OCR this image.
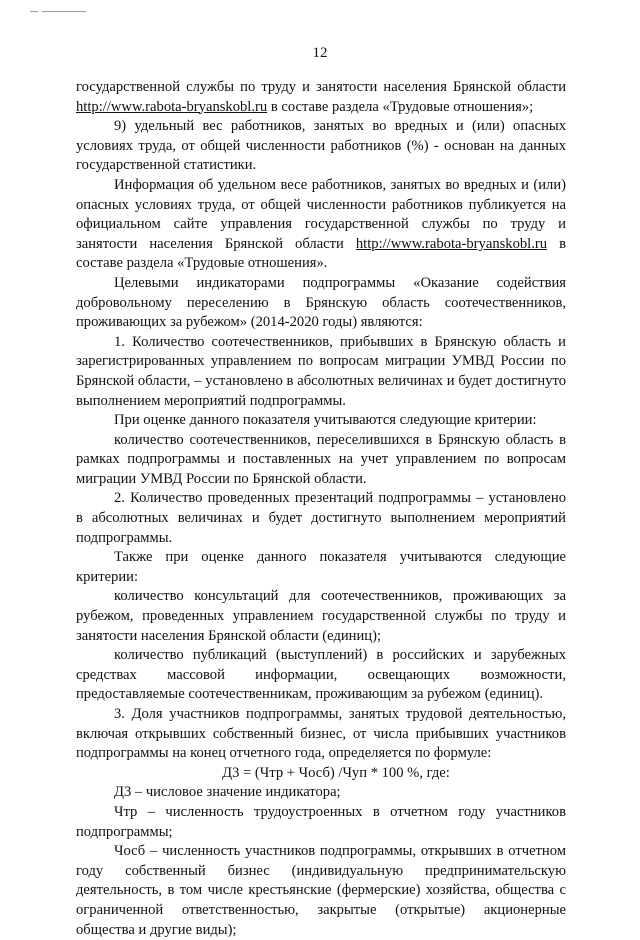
12

государственной службы по труду и занятости населения Брянской области http://www.rabota-bryanskobl.ru в составе раздела «Трудовые отношения»;

9) удельный вес работников, занятых во вредных и (или) опасных условиях труда, от общей численности работников (%) - основан на данных государственной статистики.

Информация об удельном весе работников, занятых во вредных и (или) опасных условиях труда, от общей численности работников публикуется на официальном сайте управления государственной службы по труду и занятости населения Брянской области http://www.rabota-bryanskobl.ru в составе раздела «Трудовые отношения».

Целевыми индикаторами подпрограммы «Оказание содействия добровольному переселению в Брянскую область соотечественников, проживающих за рубежом» (2014-2020 годы) являются:

1. Количество соотечественников, прибывших в Брянскую область и зарегистрированных управлением по вопросам миграции УМВД России по Брянской области, – установлено в абсолютных величинах и будет достигнуто выполнением мероприятий подпрограммы.

При оценке данного показателя учитываются следующие критерии:

количество соотечественников, переселившихся в Брянскую область в рамках подпрограммы и поставленных на учет управлением по вопросам миграции УМВД России по Брянской области.

2. Количество проведенных презентаций подпрограммы – установлено в абсолютных величинах и будет достигнуто выполнением мероприятий подпрограммы.

Также при оценке данного показателя учитываются следующие критерии:

количество консультаций для соотечественников, проживающих за рубежом, проведенных управлением государственной службы по труду и занятости населения Брянской области (единиц);

количество публикаций (выступлений) в российских и зарубежных средствах массовой информации, освещающих возможности, предоставляемые соотечественникам, проживающим за рубежом (единиц).

3. Доля участников подпрограммы, занятых трудовой деятельностью, включая открывших собственный бизнес, от числа прибывших участников подпрограммы на конец отчетного года, определяется по формуле:

Д3 = (Чтр + Чосб) /Чуп * 100 %, где:

Д3 – числовое значение индикатора;

Чтр – численность трудоустроенных в отчетном году участников подпрограммы;

Чосб – численность участников подпрограммы, открывших в отчетном году собственный бизнес (индивидуальную предпринимательскую деятельность, в том числе крестьянские (фермерские) хозяйства, общества с ограниченной ответственностью, закрытые (открытые) акционерные общества и другие виды);
